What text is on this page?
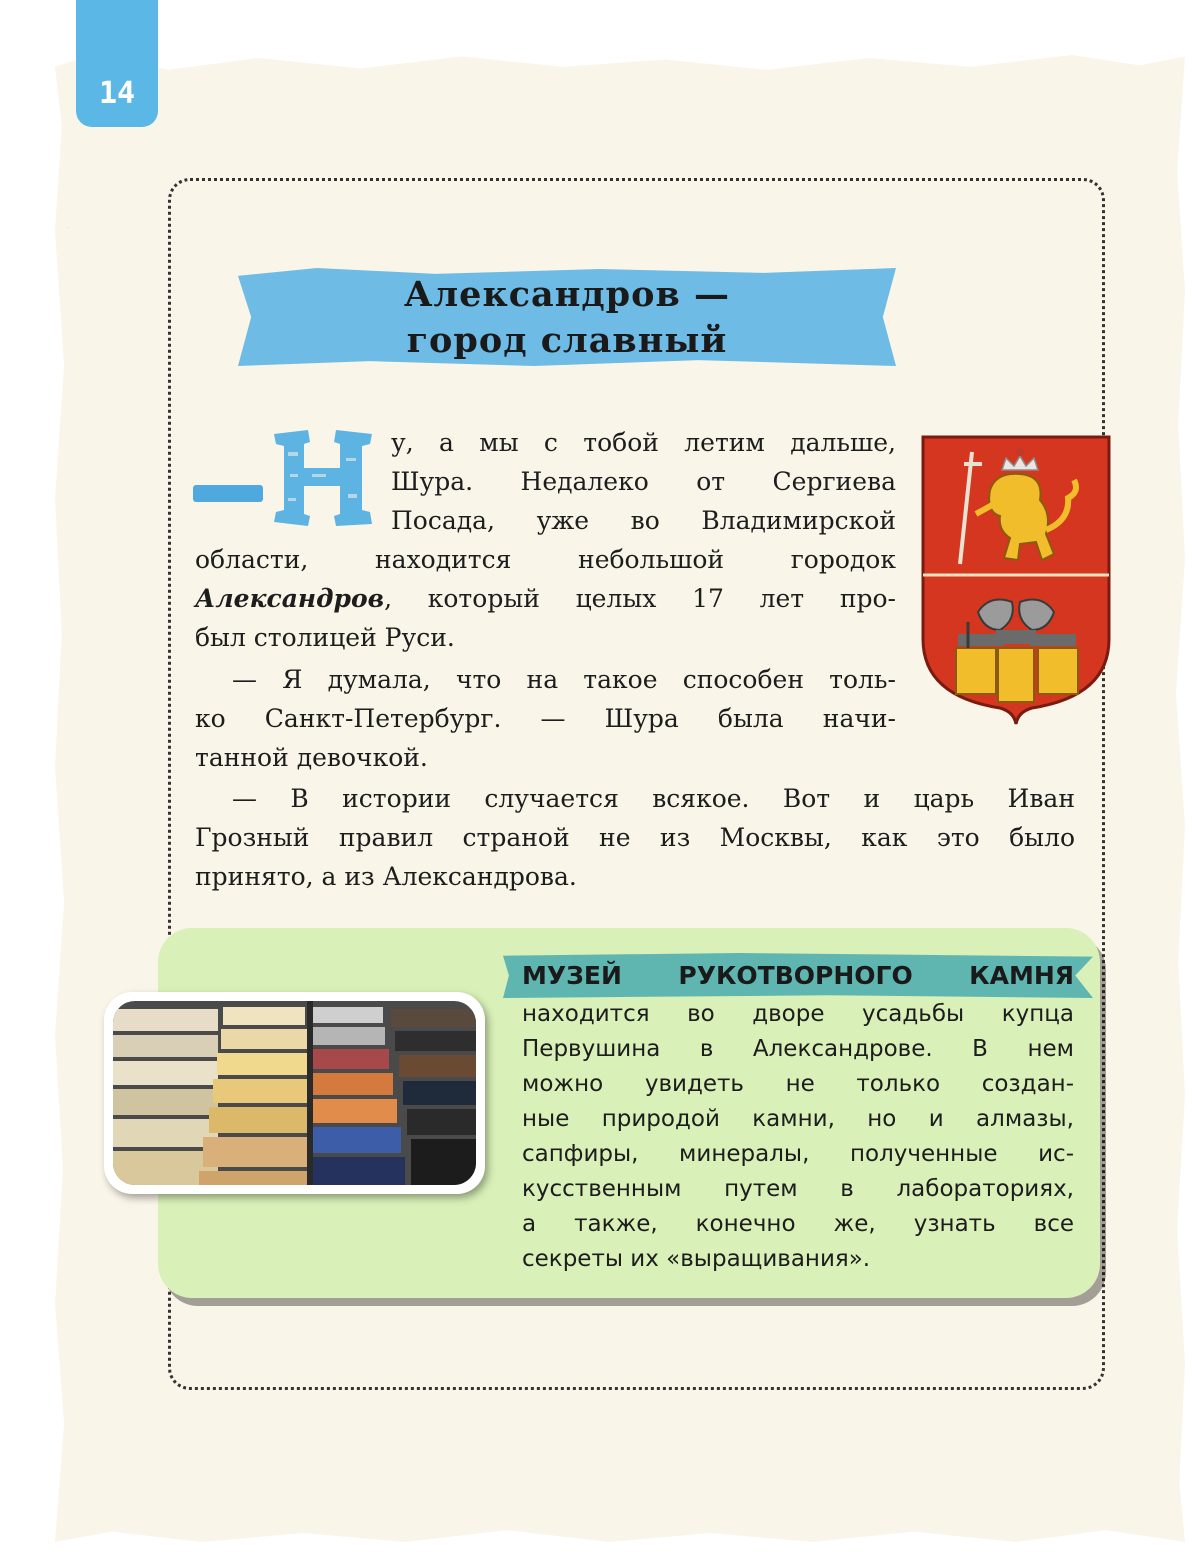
14
Александров —
город славный
Н
у, а мы с тобой летим дальше,
Шура. Недалеко от Сергиева
Посада, уже во Владимирской
области, находится небольшой городок
Александров, который целых 17 лет про-
был столицей Руси.
— Я думала, что на такое способен толь-
ко Санкт-Петербург. — Шура была начи-
танной девочкой.
— В истории случается всякое. Вот и царь Иван
Грозный правил страной не из Москвы, как это было
принято, а из Александрова.
МУЗЕЙ РУКОТВОРНОГО КАМНЯ
находится во дворе усадьбы купца
Первушина в Александрове. В нем
можно увидеть не только создан-
ные природой камни, но и алмазы,
сапфиры, минералы, полученные ис-
кусственным путем в лабораториях,
а также, конечно же, узнать все
секреты их «выращивания».
